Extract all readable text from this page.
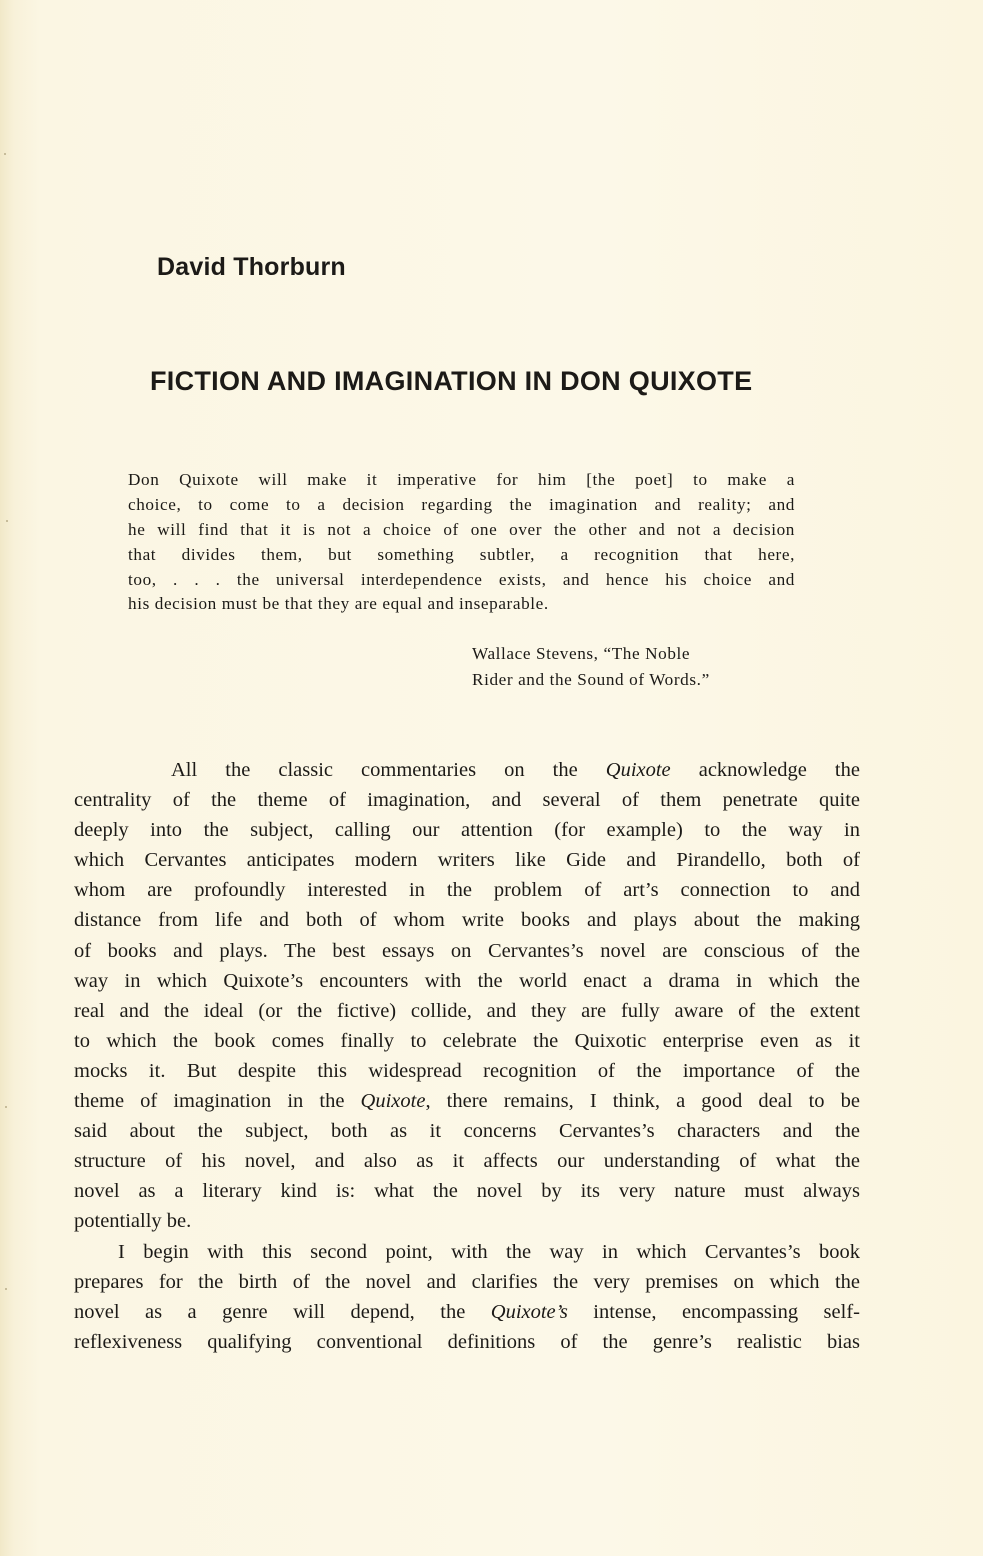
David Thorburn
FICTION AND IMAGINATION IN DON QUIXOTE
Don Quixote will make it imperative for him [the poet] to make a
choice, to come to a decision regarding the imagination and reality; and
he will find that it is not a choice of one over the other and not a decision
that divides them, but something subtler, a recognition that here,
too, . . . the universal interdependence exists, and hence his choice and
his decision must be that they are equal and inseparable.
Wallace Stevens, “The Noble
Rider and the Sound of Words.”
All the classic commentaries on the Quixote acknowledge the
centrality of the theme of imagination, and several of them penetrate quite
deeply into the subject, calling our attention (for example) to the way in
which Cervantes anticipates modern writers like Gide and Pirandello, both of
whom are profoundly interested in the problem of art’s connection to and
distance from life and both of whom write books and plays about the making
of books and plays. The best essays on Cervantes’s novel are conscious of the
way in which Quixote’s encounters with the world enact a drama in which the
real and the ideal (or the fictive) collide, and they are fully aware of the extent
to which the book comes finally to celebrate the Quixotic enterprise even as it
mocks it. But despite this widespread recognition of the importance of the
theme of imagination in the Quixote, there remains, I think, a good deal to be
said about the subject, both as it concerns Cervantes’s characters and the
structure of his novel, and also as it affects our understanding of what the
novel as a literary kind is: what the novel by its very nature must always
potentially be.
I begin with this second point, with the way in which Cervantes’s book
prepares for the birth of the novel and clarifies the very premises on which the
novel as a genre will depend, the Quixote’s intense, encompassing self-
reflexiveness qualifying conventional definitions of the genre’s realistic bias
